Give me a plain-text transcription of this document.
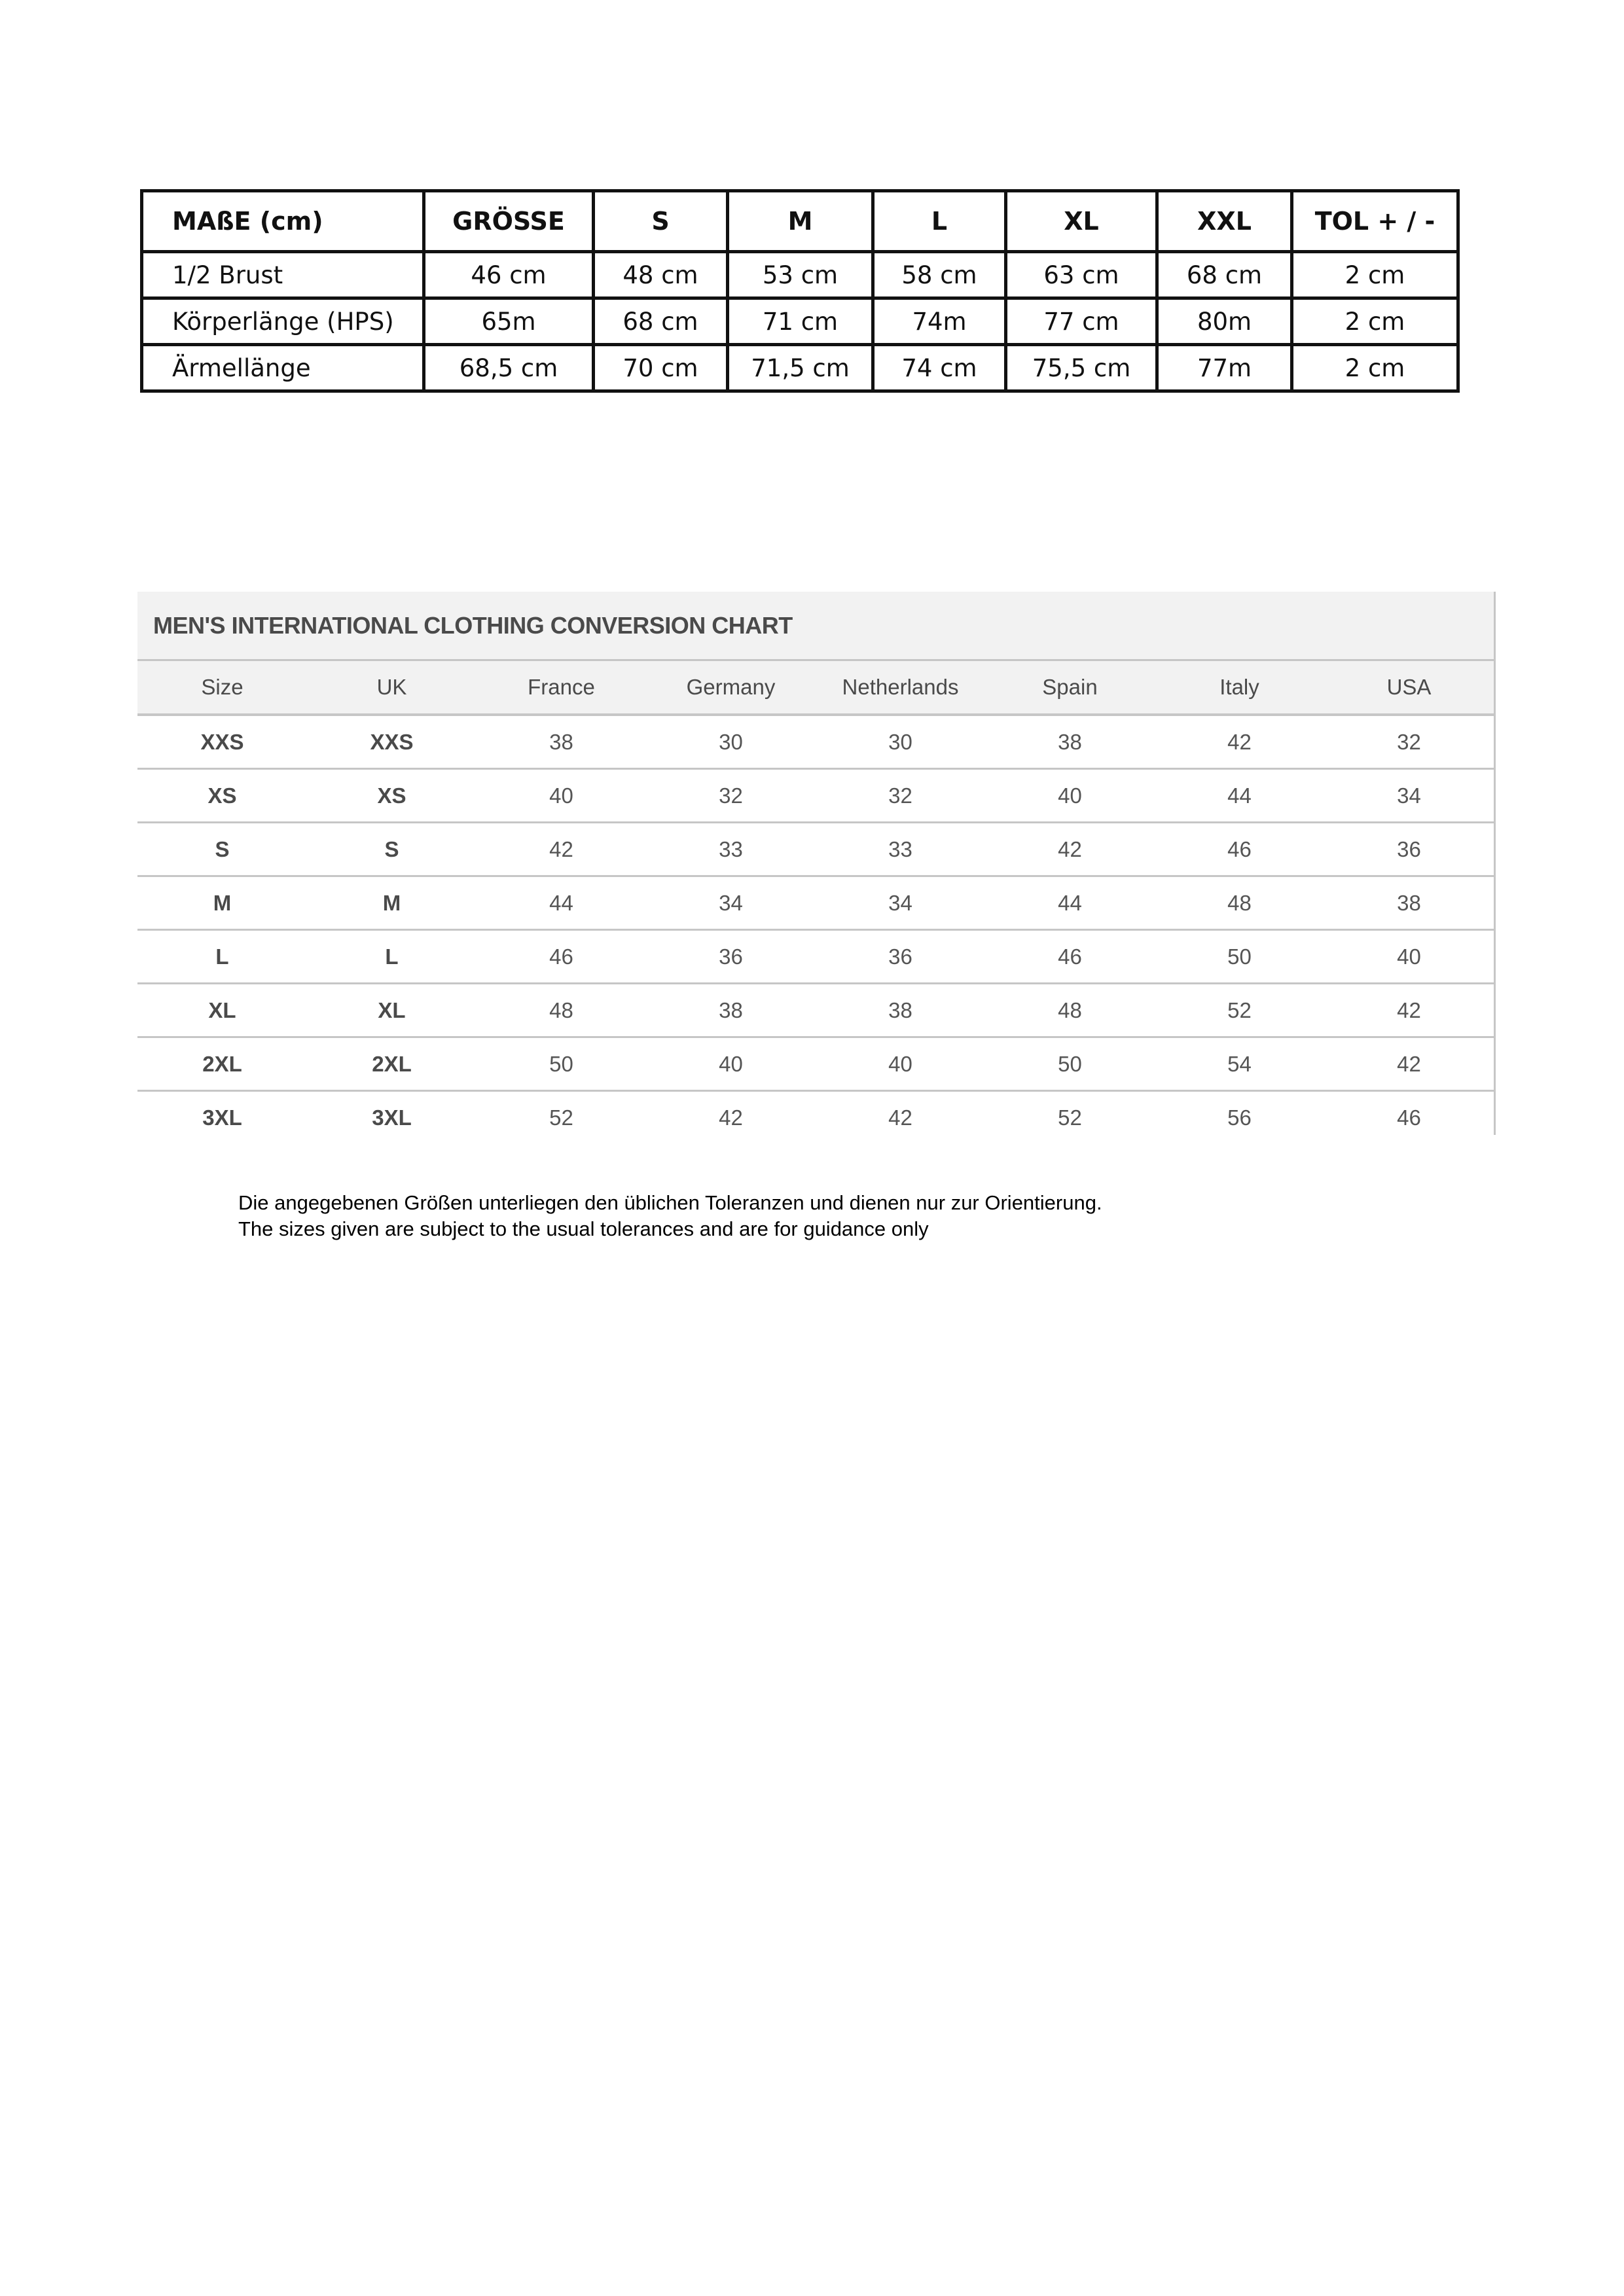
MAßE (cm)	GRÖSSE	S	M	L	XL	XXL	TOL + / -
1/2 Brust	46 cm	48 cm	53 cm	58 cm	63 cm	68 cm	2 cm
Körperlänge (HPS)	65m	68 cm	71 cm	74m	77 cm	80m	2 cm
Ärmellänge	68,5 cm	70 cm	71,5 cm	74 cm	75,5 cm	77m	2 cm
MEN'S INTERNATIONAL CLOTHING CONVERSION CHART
Size	UK	France	Germany	Netherlands	Spain	Italy	USA
XXS	XXS	38	30	30	38	42	32
XS	XS	40	32	32	40	44	34
S	S	42	33	33	42	46	36
M	M	44	34	34	44	48	38
L	L	46	36	36	46	50	40
XL	XL	48	38	38	48	52	42
2XL	2XL	50	40	40	50	54	42
3XL	3XL	52	42	42	52	56	46
Die angegebenen Größen unterliegen den üblichen Toleranzen und dienen nur zur Orientierung.
The sizes given are subject to the usual tolerances and are for guidance only
